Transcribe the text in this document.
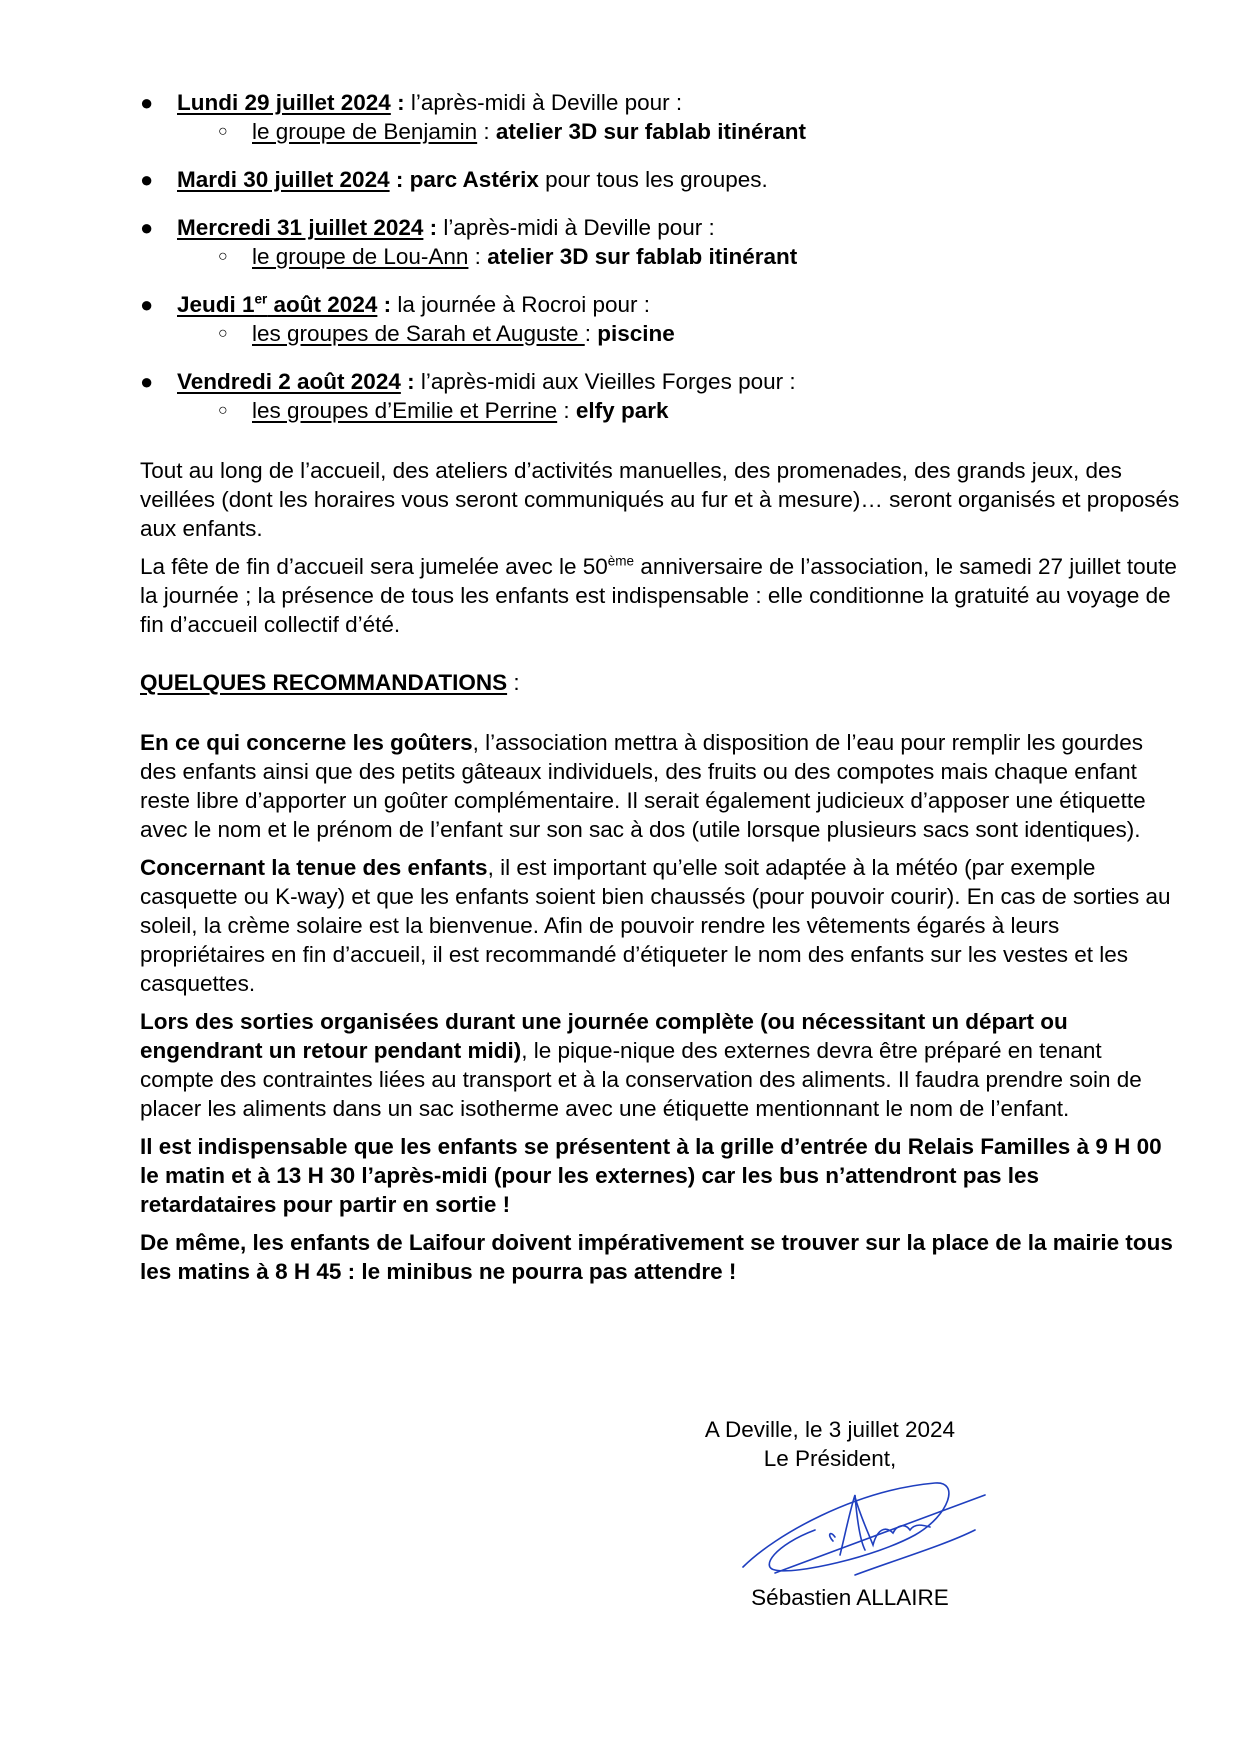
● Lundi 29 juillet 2024 : l’après-midi à Deville pour :
○ le groupe de Benjamin : atelier 3D sur fablab itinérant
● Mardi 30 juillet 2024 : parc Astérix pour tous les groupes.
● Mercredi 31 juillet 2024 : l’après-midi à Deville pour :
○ le groupe de Lou-Ann : atelier 3D sur fablab itinérant
● Jeudi 1er août 2024 : la journée à Rocroi pour :
○ les groupes de Sarah et Auguste : piscine
● Vendredi 2 août 2024 : l’après-midi aux Vieilles Forges pour :
○ les groupes d’Emilie et Perrine : elfy park

Tout au long de l’accueil, des ateliers d’activités manuelles, des promenades, des grands jeux, des veillées (dont les horaires vous seront communiqués au fur et à mesure)… seront organisés et proposés aux enfants.

La fête de fin d’accueil sera jumelée avec le 50ème anniversaire de l’association, le samedi 27 juillet toute la journée ; la présence de tous les enfants est indispensable : elle conditionne la gratuité au voyage de fin d’accueil collectif d’été.

QUELQUES RECOMMANDATIONS :

En ce qui concerne les goûters, l’association mettra à disposition de l’eau pour remplir les gourdes des enfants ainsi que des petits gâteaux individuels, des fruits ou des compotes mais chaque enfant reste libre d’apporter un goûter complémentaire. Il serait également judicieux d’apposer une étiquette avec le nom et le prénom de l’enfant sur son sac à dos (utile lorsque plusieurs sacs sont identiques).

Concernant la tenue des enfants, il est important qu’elle soit adaptée à la météo (par exemple casquette ou K-way) et que les enfants soient bien chaussés (pour pouvoir courir). En cas de sorties au soleil, la crème solaire est la bienvenue. Afin de pouvoir rendre les vêtements égarés à leurs propriétaires en fin d’accueil, il est recommandé d’étiqueter le nom des enfants sur les vestes et les casquettes.

Lors des sorties organisées durant une journée complète (ou nécessitant un départ ou engendrant un retour pendant midi), le pique-nique des externes devra être préparé en tenant compte des contraintes liées au transport et à la conservation des aliments. Il faudra prendre soin de placer les aliments dans un sac isotherme avec une étiquette mentionnant le nom de l’enfant.

Il est indispensable que les enfants se présentent à la grille d’entrée du Relais Familles à 9 H 00 le matin et à 13 H 30 l’après-midi (pour les externes) car les bus n’attendront pas les retardataires pour partir en sortie !

De même, les enfants de Laifour doivent impérativement se trouver sur la place de la mairie tous les matins à 8 H 45 : le minibus ne pourra pas attendre !

A Deville, le 3 juillet 2024
Le Président,
Sébastien ALLAIRE
